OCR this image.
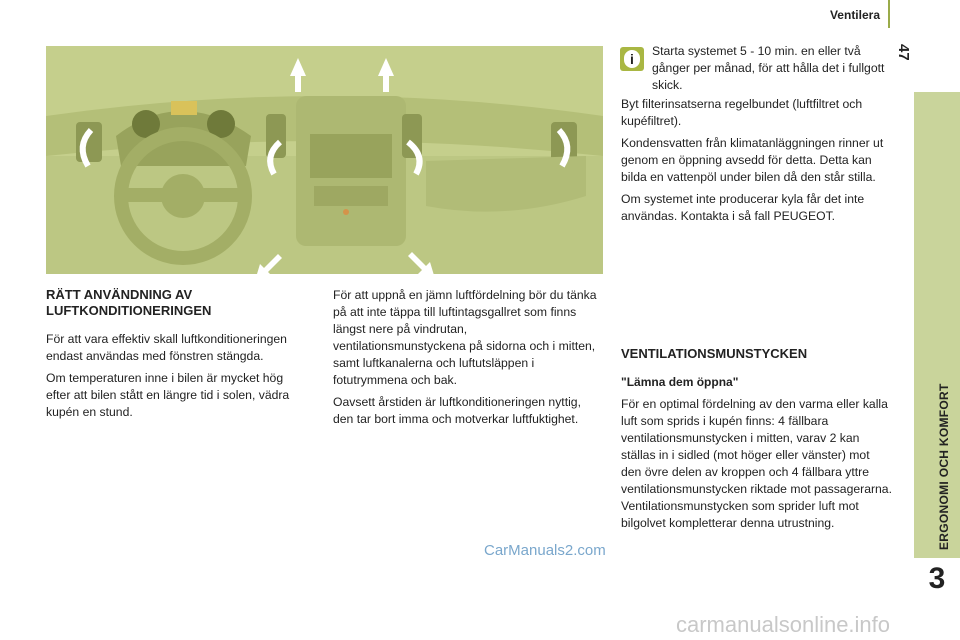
Ventilera
47
ERGONOMI OCH KOMFORT
3
RÄTT ANVÄNDNING AV LUFTKONDITIONERINGEN

För att vara effektiv skall luftkonditioneringen endast användas med fönstren stängda.

Om temperaturen inne i bilen är mycket hög efter att bilen stått en längre tid i solen, vädra kupén en stund.

För att uppnå en jämn luftfördelning bör du tänka på att inte täppa till luftintagsgallret som finns längst nere på vindrutan, ventilationsmunstyckena på sidorna och i mitten, samt luftkanalerna och luftutsläppen i fotutrymmena och bak.

Oavsett årstiden är luftkonditioneringen nyttig, den tar bort imma och motverkar luftfuktighet.

i	Starta systemet 5 - 10 min. en eller två gånger per månad, för att hålla det i fullgott skick.

Byt filterinsatserna regelbundet (luftfiltret och kupéfiltret).

Kondensvatten från klimatanläggningen rinner ut genom en öppning avsedd för detta. Detta kan bilda en vattenpöl under bilen då den står stilla.

Om systemet inte producerar kyla får det inte användas. Kontakta i så fall PEUGEOT.

VENTILATIONSMUNSTYCKEN

"Lämna dem öppna"

För en optimal fördelning av den varma eller kalla luft som sprids i kupén finns: 4 fällbara ventilationsmunstycken i mitten, varav 2 kan ställas in i sidled (mot höger eller vänster) mot den övre delen av kroppen och 4 fällbara yttre ventilationsmunstycken riktade mot passagerarna. Ventilationsmunstycken som sprider luft mot bilgolvet kompletterar denna utrustning.

CarManuals2.com
carmanualsonline.info
